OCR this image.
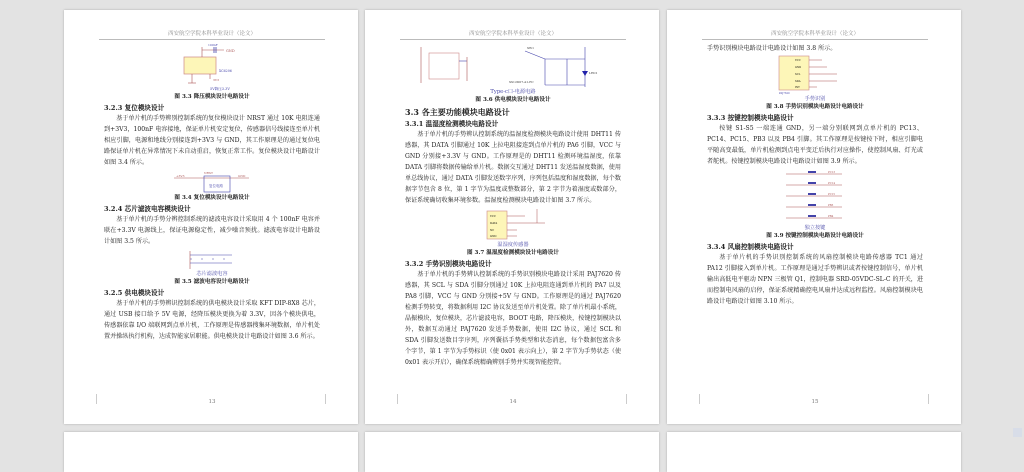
西安航空学院本科毕业设计（论文）
GND
100nF
3V3
XC6206
5V降压3.3V
图 3.3 降压模块设计电路设计
3.2.3 复位模块设计
基于单片机的手势辨别控制系统的复位模块设计 NRST 通过 10K 电阻连通到+3V3，100nF 电容接地，保证单片机安定复位，传感器信号线接连至单片机相应引脚，电源和地线分别接连到+3V3 与 GND，其工作原理是的通过复位电路保证单片机在异常情况下未自动重启，恢复正常工作。复位模块设计电路设计如图 3.4 所示。
+3V3	GND
NRST
复位电路
图 3.4 复位模块设计电路设计
3.2.4 芯片滤波电容模块设计
基于单片机的手势分辨控制系统的滤波电容设计采取用 4 个 100nF 电容并联在+3.3V 电源线上，保证电源稳定性，减少噪音预扰。滤波电容设计电路设计如图 3.5 所示。
芯片滤波电容
图 3.5 滤波电容设计电路设计
3.2.5 供电模块设计
基于单片机的手势辨识控制系统的供电模块设计采取 KFT DIP-8X8 芯片，通过 USB 接口给予 5V 电源，经降压模块更换为着 3.3V，因各个模块供电，传感器依靠 I/O 端联网到点单片机，工作原理是传感器搜集环境数据，单片机处置并操纵执行机构，达成智能家居职能。供电模块设计电路设计如图 3.6 所示。
13
西安航空学院本科毕业设计（论文）
SW1
SS12D07-A1-EC
LED1
Type-c口-电源电路
图 3.6 供电模块设计电路设计
3.3 各主要功能模块电路设计
3.3.1 温湿度检测模块电路设计
基于单片机的手势辨认控制系统的温湿度检测模块电路设计使用 DHT11 传感器，其 DATA 引脚通过 10K 上拉电阻接连到点单片机的 PA6 引脚，VCC 与 GND 分别接+3.3V 与 GND。工作原理是的 DHT11 检测环境温湿度，依靠 DATA 引脚将数据传输给单片机。数据交互通过 DHT11 发送温湿度数据，使用单总线协议，通过 DATA 引脚发送数字序列，序列包括温度和湿度数据，每个数据字节包含 8 位，第 1 字节为温度或整数部分，第 2 字节为着湿度或数部分，保证系统确切收集环境参数。温湿度检测模块电路设计如图 3.7 所示。
VCC
DATA
NC
GND
温湿度传感器
图 3.7 温湿度检测模块设计电路设计
3.3.2 手势识别模块电路设计
基于单片机的手势辨认控制系统的手势识别模块电路设计采用 PAJ7620 传感器，其 SCL 与 SDA 引脚分别通过 10K 上拉电阻连通到单片机的 PA7 以及 PA8 引脚，VCC 与 GND 分别接+5V 与 GND。工作原理是的通过 PAJ7620 检测手势转变，将数据利用 I2C 协议发送至单片机处置。除了单片机最小系统，晶振模块，复位模块，芯片滤波电容，BOOT 电路，降压模块，按键控制模块以外，数据互动通过 PAJ7620 发送手势数据，使用 I2C 协议，通过 SCL 和 SDA 引脚发送数目字序列，序列囊括手势类型和状态消息，每个数据包富含多个字节，第 1 字节为手势标识（使 0x01 表示向上），第 2 字节为手势状态（使 0x01 表示开启），确保系统精确辨别手势并实现智能控管。
14
西安航空学院本科毕业设计（论文）
手势识别模块电路设计电路设计如图 3.8 所示。
VCC
GND
SCL
SDA
INT
PAJ7620
手势识别
图 3.8 手势识别模块电路设计电路设计
3.3.3 按键控制模块电路设计
按键 S1-S5 一端连通 GND，另一端分别联网到点单片机的 PC13、PC14、PC15、PB3 以及 PB4 引脚。其工作原理是按键按下时，相应引脚电平随高变最低，单片机检测到点电平变迁后执行对应操作，使控制风扇、灯光或者舵机。按键控制模块电路设计电路设计如图 3.9 所示。
PC13
PC14
PC15
PB3
PB4
独立按键
图 3.9 按键控制模块电路设计电路设计
3.3.4 风扇控制模块电路设计
基于单片机的手势识别控制系统的风扇控制模块电路传感器 TC1 通过 PA12 引脚接入到单片机。工作原理是通过手势辨识或者按键控制信号，单片机输出高低电平驱动 NPN 三极管 Q1，控制电器 SRD-05VDC-SL-C 的开关，进而控制电风扇的启停，保证系统精确控电风扇并达成远程监控。风扇控制模块电路设计电路设计如图 3.10 所示。
15
